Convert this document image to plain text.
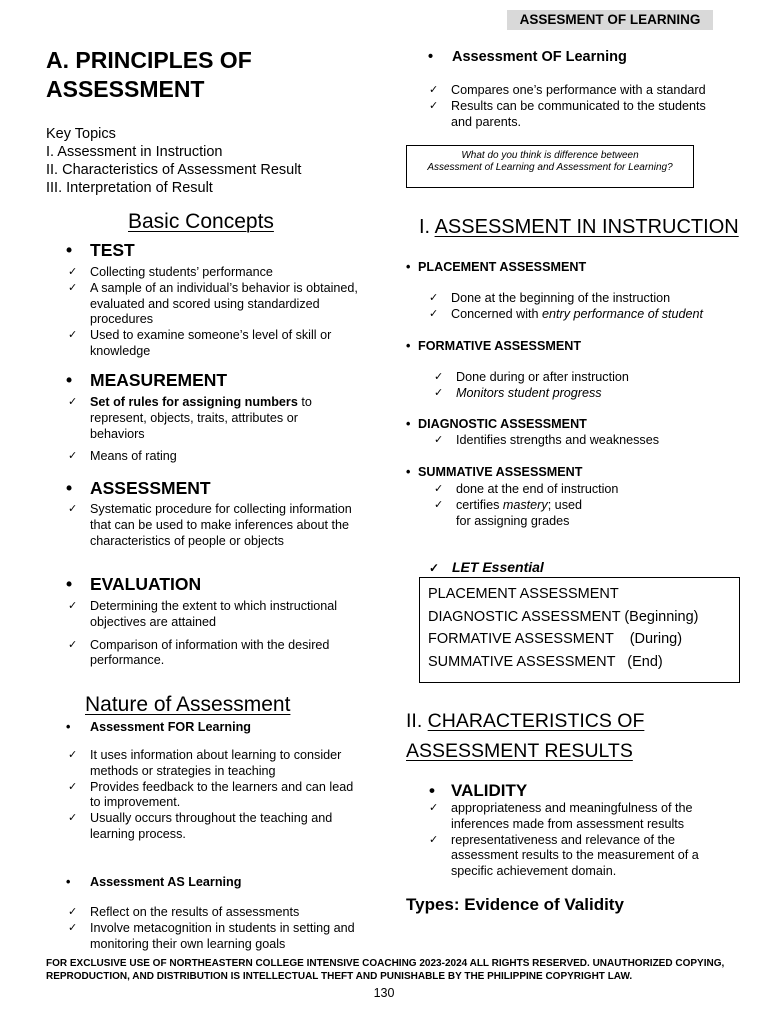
ASSESMENT OF LEARNING
A. PRINCIPLES OF
ASSESSMENT
Key Topics
I. Assessment in Instruction
II. Characteristics of Assessment Result
III. Interpretation of Result
Basic Concepts
• TEST
✓ Collecting students’ performance
✓ A sample of an individual’s behavior is obtained, evaluated and scored using standardized procedures
✓ Used to examine someone’s level of skill or knowledge
• MEASUREMENT
✓ Set of rules for assigning numbers to represent, objects, traits, attributes or behaviors
✓ Means of rating
• ASSESSMENT
✓ Systematic procedure for collecting information that can be used to make inferences about the characteristics of people or objects
• EVALUATION
✓ Determining the extent to which instructional objectives are attained
✓ Comparison of information with the desired performance.
Nature of Assessment
• Assessment FOR Learning
✓ It uses information about learning to consider methods or strategies in teaching
✓ Provides feedback to the learners and can lead to improvement.
✓ Usually occurs throughout the teaching and learning process.
• Assessment AS Learning
✓ Reflect on the results of assessments
✓ Involve metacognition in students in setting and monitoring their own learning goals
• Assessment OF Learning
✓ Compares one’s performance with a standard
✓ Results can be communicated to the students and parents.
What do you think is difference between
Assessment of Learning and Assessment for Learning?
I. ASSESSMENT IN INSTRUCTION
• PLACEMENT ASSESSMENT
✓ Done at the beginning of the instruction
✓ Concerned with entry performance of student
• FORMATIVE ASSESSMENT
✓ Done during or after instruction
✓ Monitors student progress
• DIAGNOSTIC ASSESSMENT
✓ Identifies strengths and weaknesses
• SUMMATIVE ASSESSMENT
✓ done at the end of instruction
✓ certifies mastery; used
for assigning grades
✓ LET Essential
PLACEMENT ASSESSMENT
DIAGNOSTIC ASSESSMENT (Beginning)
FORMATIVE ASSESSMENT    (During)
SUMMATIVE ASSESSMENT   (End)
II. CHARACTERISTICS OF
ASSESSMENT RESULTS
• VALIDITY
✓ appropriateness and meaningfulness of the inferences made from assessment results
✓ representativeness and relevance of the assessment results to the measurement of a specific achievement domain.
Types: Evidence of Validity
FOR EXCLUSIVE USE OF NORTHEASTERN COLLEGE INTENSIVE COACHING 2023-2024 ALL RIGHTS RESERVED. UNAUTHORIZED COPYING, REPRODUCTION, AND DISTRIBUTION IS INTELLECTUAL THEFT AND PUNISHABLE BY THE PHILIPPINE COPYRIGHT LAW.
130
